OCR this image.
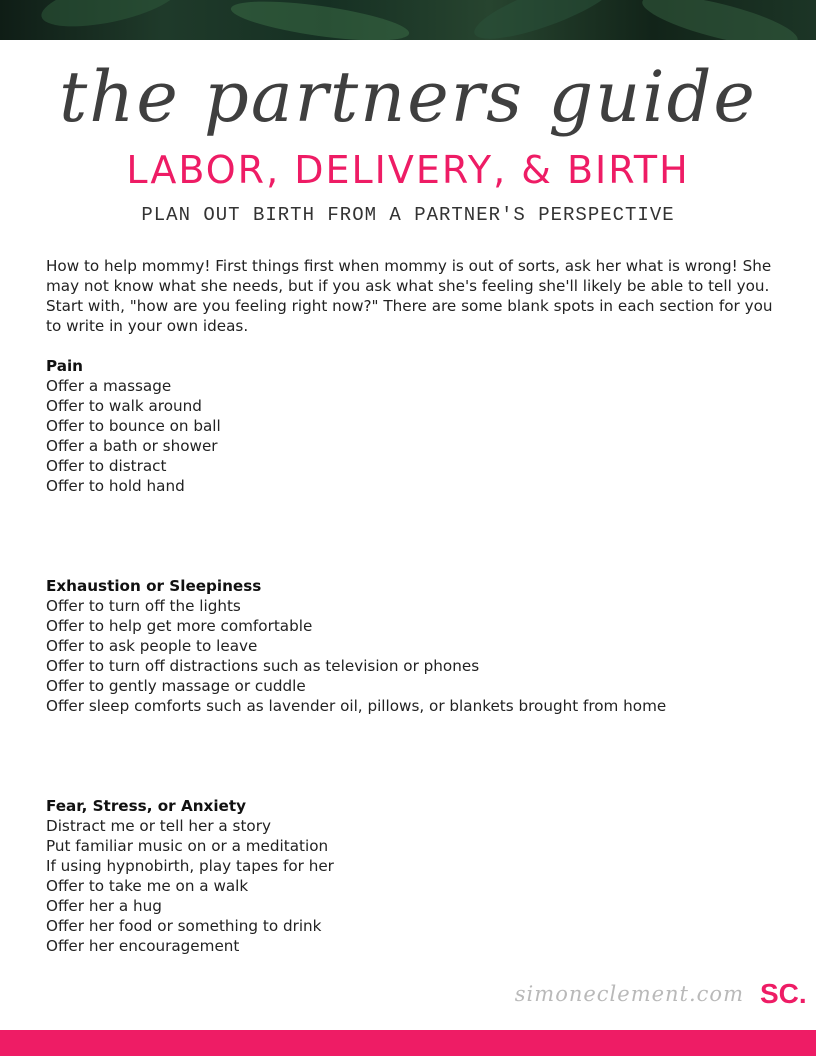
the partners guide
LABOR, DELIVERY, & BIRTH
PLAN OUT BIRTH FROM A PARTNER'S PERSPECTIVE
How to help mommy! First things first when mommy is out of sorts, ask her what is wrong! She may not know what she needs, but if you ask what she's feeling she'll likely be able to tell you. Start with, "how are you feeling right now?" There are some blank spots in each section for you to write in your own ideas.
Pain
Offer a massage
Offer to walk around
Offer to bounce on ball
Offer a bath or shower
Offer to distract
Offer to hold hand
Exhaustion or Sleepiness
Offer to turn off the lights
Offer to help get more comfortable
Offer to ask people to leave
Offer to turn off distractions such as television or phones
Offer to gently massage or cuddle
Offer sleep comforts such as lavender oil, pillows, or blankets brought from home
Fear, Stress, or Anxiety
Distract me or tell her a story
Put familiar music on or a meditation
If using hypnobirth, play tapes for her
Offer to take me on a walk
Offer her a hug
Offer her food or something to drink
Offer her encouragement
simoneclement.com SC.
